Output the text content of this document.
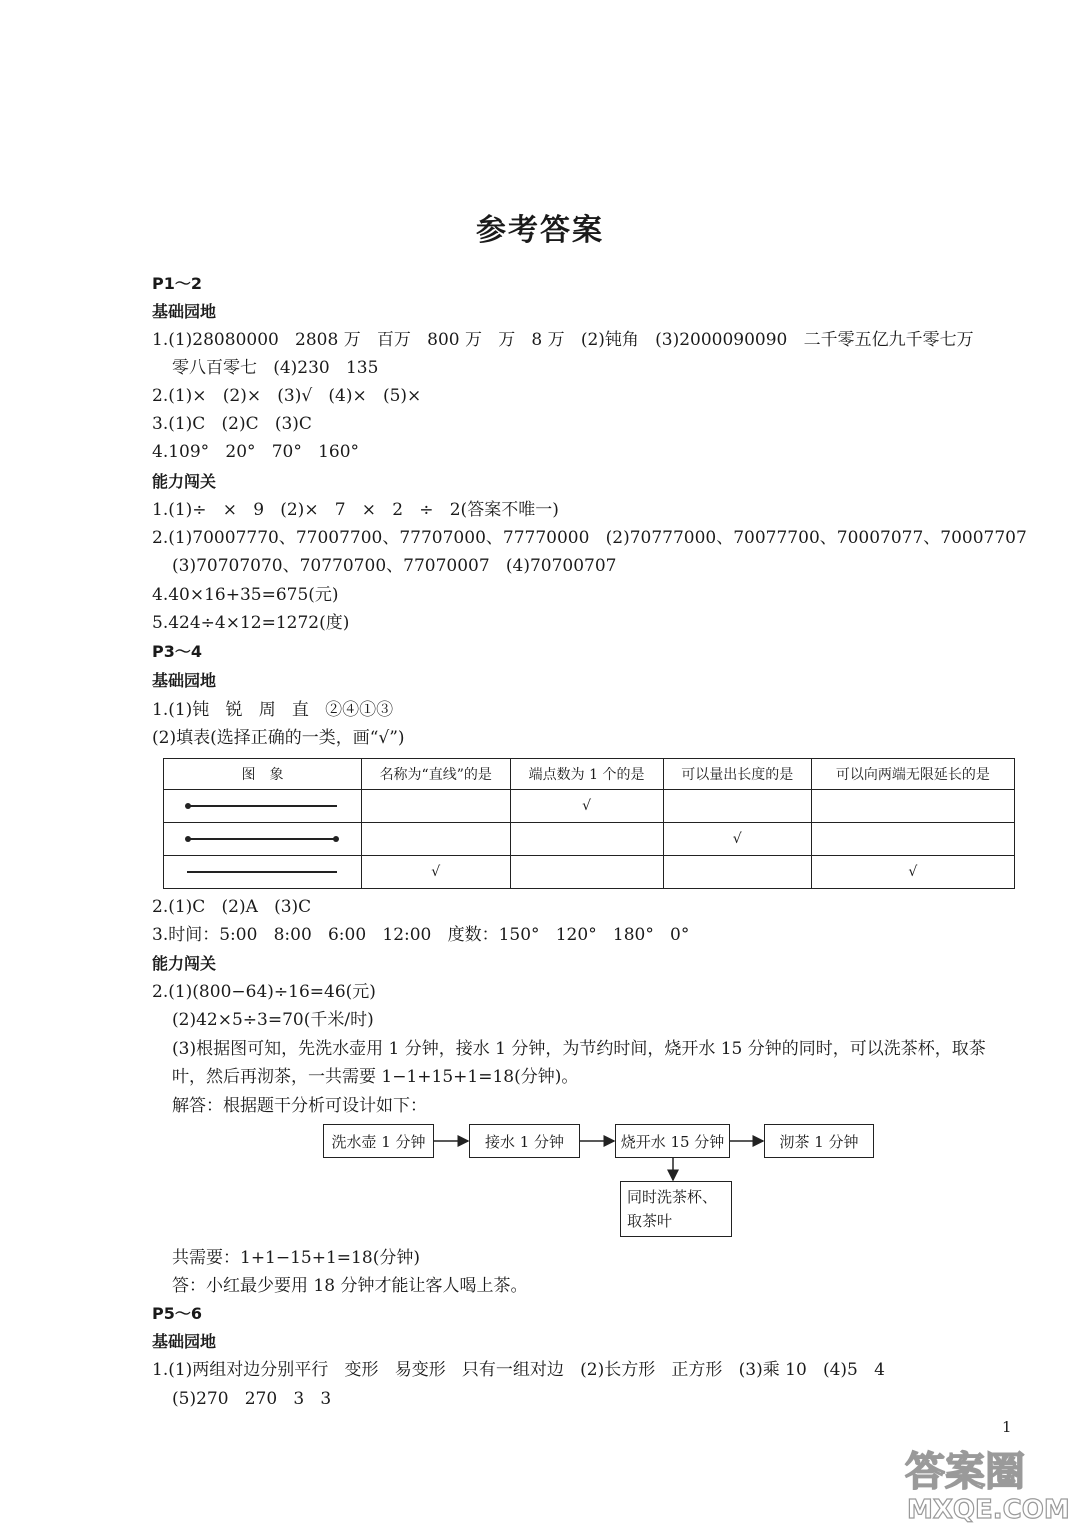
参考答案
P1～2
基础园地
1.(1)28080000   2808 万   百万   800 万   万   8 万   (2)钝角   (3)2000090090   二千零五亿九千零七万
零八百零七   (4)230   135
2.(1)×   (2)×   (3)√   (4)×   (5)×
3.(1)C   (2)C   (3)C
4.109°   20°   70°   160°
能力闯关
1.(1)÷   ×   9   (2)×   7   ×   2   ÷   2(答案不唯一)
2.(1)70007770、77007700、77707000、77770000   (2)70777000、70077700、70007077、70007707
(3)70707070、70770700、77070007   (4)70700707
4.40×16+35=675(元)
5.424÷4×12=1272(度)
P3～4
基础园地
1.(1)钝   锐   周   直   ②④①③
(2)填表(选择正确的一类，画“√”)
图　象	名称为“直线”的是	端点数为 1 个的是	可以量出长度的是	可以向两端无限延长的是

		√		

			√	

	√			√
2.(1)C   (2)A   (3)C
3.时间：5:00   8:00   6:00   12:00   度数：150°   120°   180°   0°
能力闯关
2.(1)(800−64)÷16=46(元)
(2)42×5÷3=70(千米/时)
(3)根据图可知，先洗水壶用 1 分钟，接水 1 分钟，为节约时间，烧开水 15 分钟的同时，可以洗茶杯，取茶
叶，然后再沏茶，一共需要 1−1+15+1=18(分钟)。
解答：根据题干分析可设计如下：
洗水壶 1 分钟	接水 1 分钟	烧开水 15 分钟	沏茶 1 分钟
同时洗茶杯、取茶叶
共需要：1+1−15+1=18(分钟)
答：小红最少要用 18 分钟才能让客人喝上茶。
P5～6
基础园地
1.(1)两组对边分别平行   变形   易变形   只有一组对边   (2)长方形   正方形   (3)乘 10   (4)5   4
(5)270   270   3   3
1
答案圈
MXQE.COM
